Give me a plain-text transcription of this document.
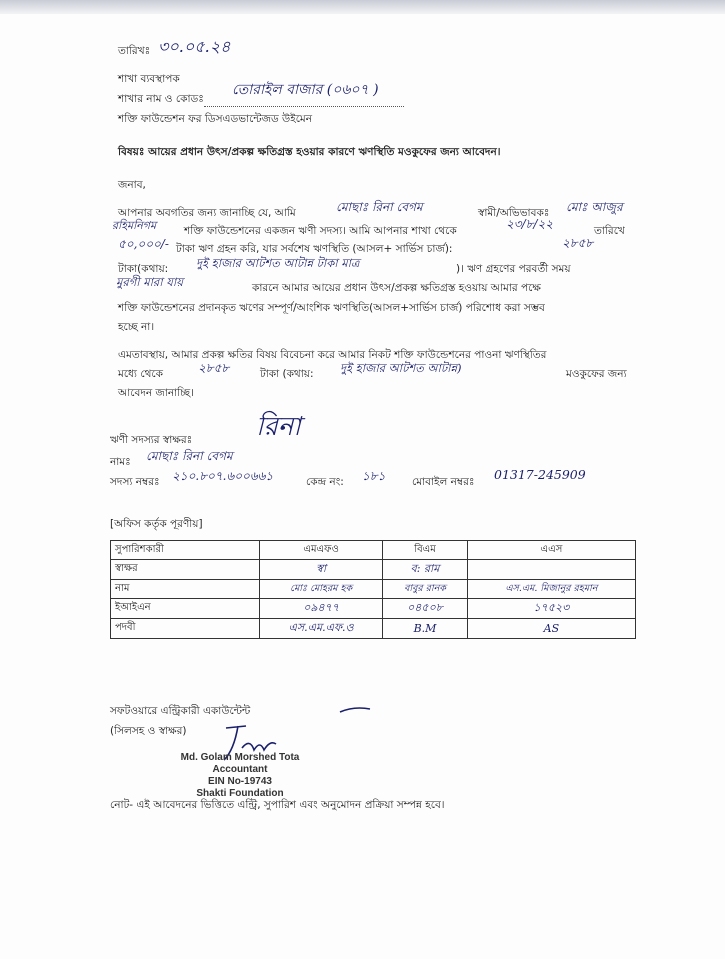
তারিখঃ ৩০.০৫.২৪
শাখা ব্যবস্থাপক
শাখার নাম ও কোডঃ
তোরাইল বাজার (০৬০৭ )
শক্তি ফাউন্ডেশন ফর ডিসএডভান্টেজড উইমেন
বিষয়ঃ আয়ের প্রধান উৎস/প্রকল্প ক্ষতিগ্রস্ত হওয়ার কারণে ঋণস্থিতি মওকুফের জন্য আবেদন।
জনাব,
আপনার অবগতির জন্য জানাচ্ছি যে, আমি	মোছাঃ রিনা বেগম	স্বামী/অভিভাবকঃ মোঃ আজুর
রহিমনিগম	শক্তি ফাউন্ডেশনের একজন ঋণী সদস্য। আমি আপনার শাখা থেকে	২৩/৮/২২	তারিখে
৫০,০০০/- টাকা ঋণ গ্রহন করি, যার সর্বশেষ ঋণস্থিতি (আসল+ সার্ভিস চার্জ):	২৮৫৮
টাকা(কথায়: দুই হাজার আটশত আটান্ন টাকা মাত্র	)। ঋণ গ্রহণের পরবর্তী সময়
মুরগী মারা যায়	কারনে আমার আয়ের প্রধান উৎস/প্রকল্প ক্ষতিগ্রস্ত হওয়ায় আমার পক্ষে
শক্তি ফাউন্ডেশনের প্রদানকৃত ঋণের সম্পূর্ণ/আংশিক ঋণস্থিতি(আসল+সার্ভিস চার্জ) পরিশোধ করা সম্ভব
হচ্ছে না।
এমতাবস্থায়, আমার প্রকল্প ক্ষতির বিষয় বিবেচনা করে আমার নিকট শক্তি ফাউন্ডেশনের পাওনা ঋণস্থিতির
মধ্যে থেকে	২৮৫৮	টাকা (কথায়: দুই হাজার আটশত আটান্ন)	মওকুফের জন্য
আবেদন জানাচ্ছি।
ঋণী সদস্যর স্বাক্ষরঃ রিনা
নামঃ মোছাঃ রিনা বেগম
সদস্য নম্বরঃ ২১০.৮০৭.৬০০৬৬১	কেন্দ্র নং: ১৮১	মোবাইল নম্বরঃ 01317-245909
[অফিস কর্তৃক পূরণীয়]
সুপারিশকারী	এমএফও	বিএম	এএস
স্বাক্ষর	স্বা	ব: রাম	
নাম	মোঃ মোহরম হক	বাবুর রানক	এস.এম. মিজানুর রহমান
ইআইএন	০৯৪৭৭	০৪৫০৮	১৭৫২৩
পদবী	এস.এম.এফ.ও	B.M	AS
সফটওয়ারে এন্ট্রিকারী একাউন্টেন্ট
(সিলসহ ও স্বাক্ষর)
Md. Golam Morshed Tota
Accountant
EIN No-19743
Shakti Foundation
নোট- এই আবেদনের ভিত্তিতে এন্ট্রি, সুপারিশ এবং অনুমোদন প্রক্রিয়া সম্পন্ন হবে।
